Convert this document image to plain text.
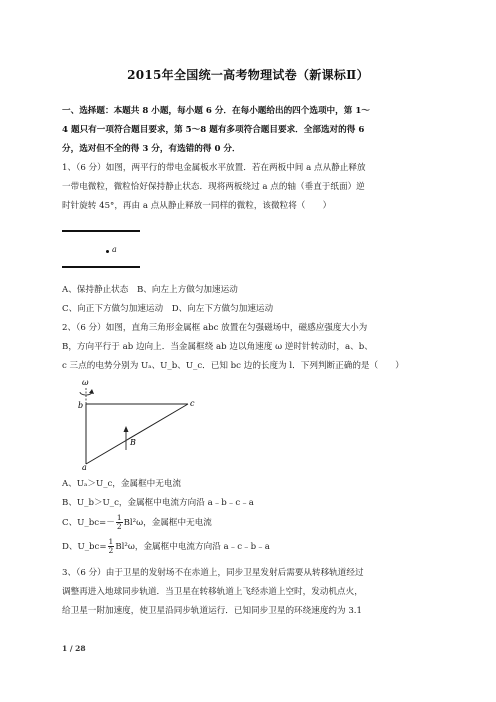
2015年全国统一高考物理试卷（新课标Ⅱ）
一、选择题：本题共 8 小题，每小题 6 分．在每小题给出的四个选项中，第 1～
4 题只有一项符合题目要求，第 5～8 题有多项符合题目要求．全部选对的得 6
分，选对但不全的得 3 分，有选错的得 0 分．
1、（6 分）如图，两平行的带电金属板水平放置．若在两板中间 a 点从静止释放
一带电微粒，微粒恰好保持静止状态．现将两板绕过 a 点的轴（垂直于纸面）逆
时针旋转 45°，再由 a 点从静止释放一同样的微粒，该微粒将（　　）
a
A、保持静止状态　B、向左上方做匀加速运动
C、向正下方做匀加速运动　D、向左下方做匀加速运动
2、（6 分）如图，直角三角形金属框 abc 放置在匀强磁场中，磁感应强度大小为
B，方向平行于 ab 边向上．当金属框绕 ab 边以角速度 ω 逆时针转动时，a、b、
c 三点的电势分别为 Uₐ、U_b、U_c．已知 bc 边的长度为 l．下列判断正确的是（　　）
ω
B
b	c
a
A、Uₐ＞U_c，金属框中无电流
B、U_b＞U_c，金属框中电流方向沿 a﹣b﹣c﹣a
C、U_bc=－ $\frac{1}{2} Bl^2\omega$，金属框中无电流
D、U_bc= $\frac{1}{2} Bl^2\omega$，金属框中电流方向沿 a﹣c﹣b﹣a
3、（6 分）由于卫星的发射场不在赤道上，同步卫星发射后需要从转移轨道经过
调整再进入地球同步轨道．当卫星在转移轨道上飞经赤道上空时，发动机点火，
给卫星一附加速度，使卫星沿同步轨道运行．已知同步卫星的环绕速度约为 3.1
1 / 28
